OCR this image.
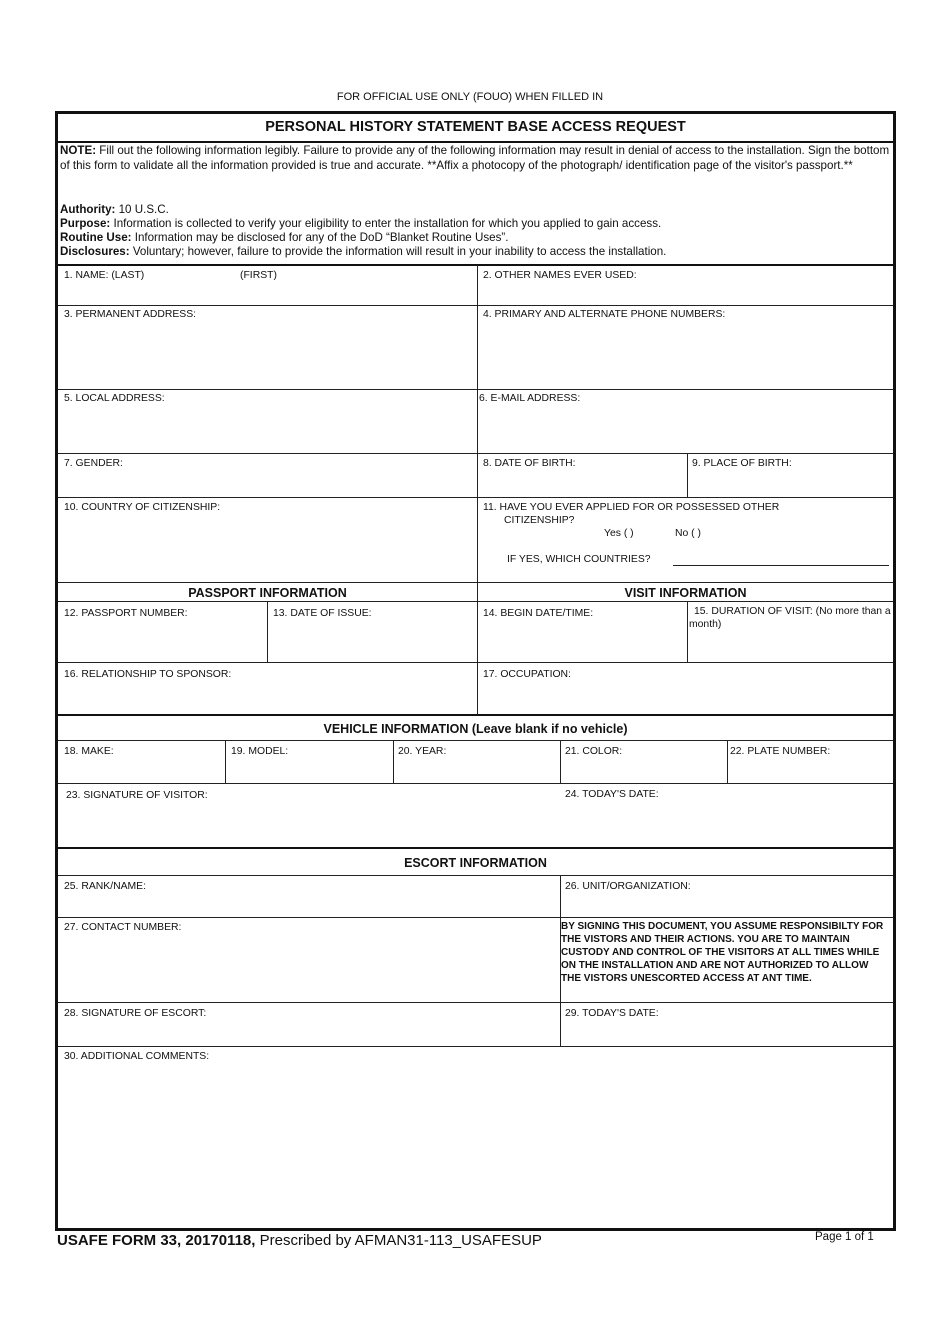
FOR OFFICIAL USE ONLY (FOUO) WHEN FILLED IN
PERSONAL HISTORY STATEMENT BASE ACCESS REQUEST
NOTE: Fill out the following information legibly. Failure to provide any of the following information may result in denial of access to the installation. Sign the bottom of this form to validate all the information provided is true and accurate. **Affix a photocopy of the photograph/ identification page of the visitor's passport.**
Authority: 10 U.S.C.
Purpose: Information is collected to verify your eligibility to enter the installation for which you applied to gain access.
Routine Use: Information may be disclosed for any of the DoD “Blanket Routine Uses”.
Disclosures: Voluntary; however, failure to provide the information will result in your inability to access the installation.
1. NAME: (LAST)	(FIRST)	2. OTHER NAMES EVER USED:
3. PERMANENT ADDRESS:	4. PRIMARY AND ALTERNATE PHONE NUMBERS:
5. LOCAL ADDRESS:	6. E-MAIL ADDRESS:
7. GENDER:	8. DATE OF BIRTH:	9. PLACE OF BIRTH:
10. COUNTRY OF CITIZENSHIP:	11. HAVE YOU EVER APPLIED FOR OR POSSESSED OTHER
CITIZENSHIP?
Yes ( )	No ( )
IF YES, WHICH COUNTRIES?
PASSPORT INFORMATION	VISIT INFORMATION
12. PASSPORT NUMBER:	13. DATE OF ISSUE:	14. BEGIN DATE/TIME:	15. DURATION OF VISIT: (No more than a month)
16. RELATIONSHIP TO SPONSOR:	17. OCCUPATION:
VEHICLE INFORMATION (Leave blank if no vehicle)
18. MAKE:	19. MODEL:	20. YEAR:	21. COLOR:	22. PLATE NUMBER:
23. SIGNATURE OF VISITOR:	24. TODAY'S DATE:
ESCORT INFORMATION
25. RANK/NAME:	26. UNIT/ORGANIZATION:
27. CONTACT NUMBER:	BY SIGNING THIS DOCUMENT, YOU ASSUME RESPONSIBILTY FOR THE VISTORS AND THEIR ACTIONS. YOU ARE TO MAINTAIN CUSTODY AND CONTROL OF THE VISITORS AT ALL TIMES WHILE ON THE INSTALLATION AND ARE NOT AUTHORIZED TO ALLOW THE VISTORS UNESCORTED ACCESS AT ANT TIME.
28. SIGNATURE OF ESCORT:	29. TODAY'S DATE:
30. ADDITIONAL COMMENTS:
USAFE FORM 33, 20170118, Prescribed by AFMAN31-113_USAFESUP	Page 1 of 1
